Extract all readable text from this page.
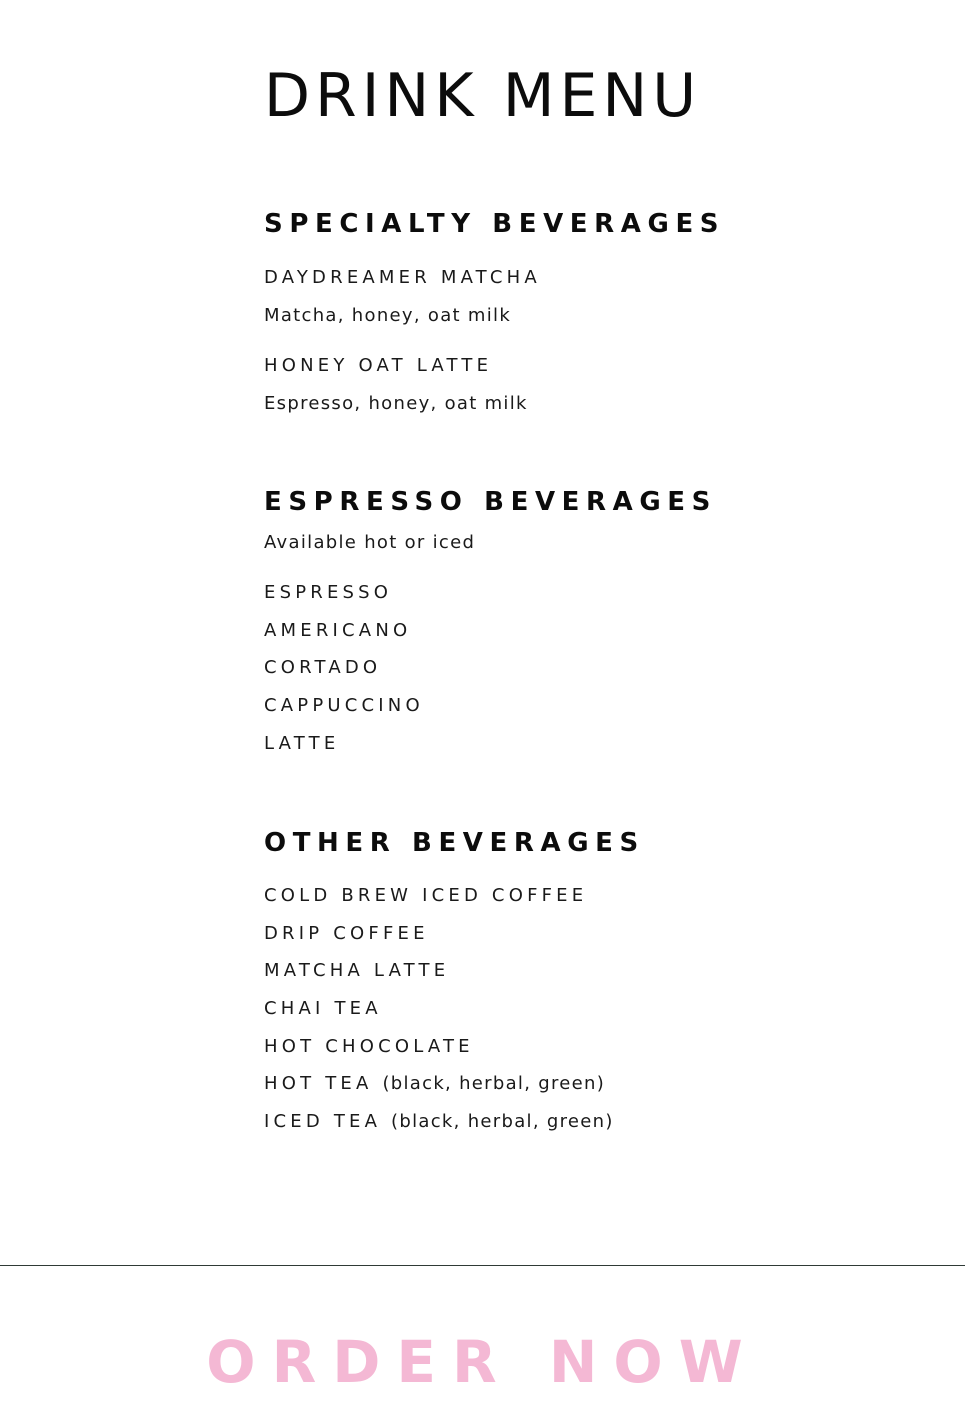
DRINK MENU
SPECIALTY BEVERAGES
DAYDREAMER MATCHA
Matcha, honey, oat milk
HONEY OAT LATTE
Espresso, honey, oat milk
ESPRESSO BEVERAGES
Available hot or iced
ESPRESSO
AMERICANO
CORTADO
CAPPUCCINO
LATTE
OTHER BEVERAGES
COLD BREW ICED COFFEE
DRIP COFFEE
MATCHA LATTE
CHAI TEA
HOT CHOCOLATE
HOT TEA (black, herbal, green)
ICED TEA (black, herbal, green)
ORDER NOW
